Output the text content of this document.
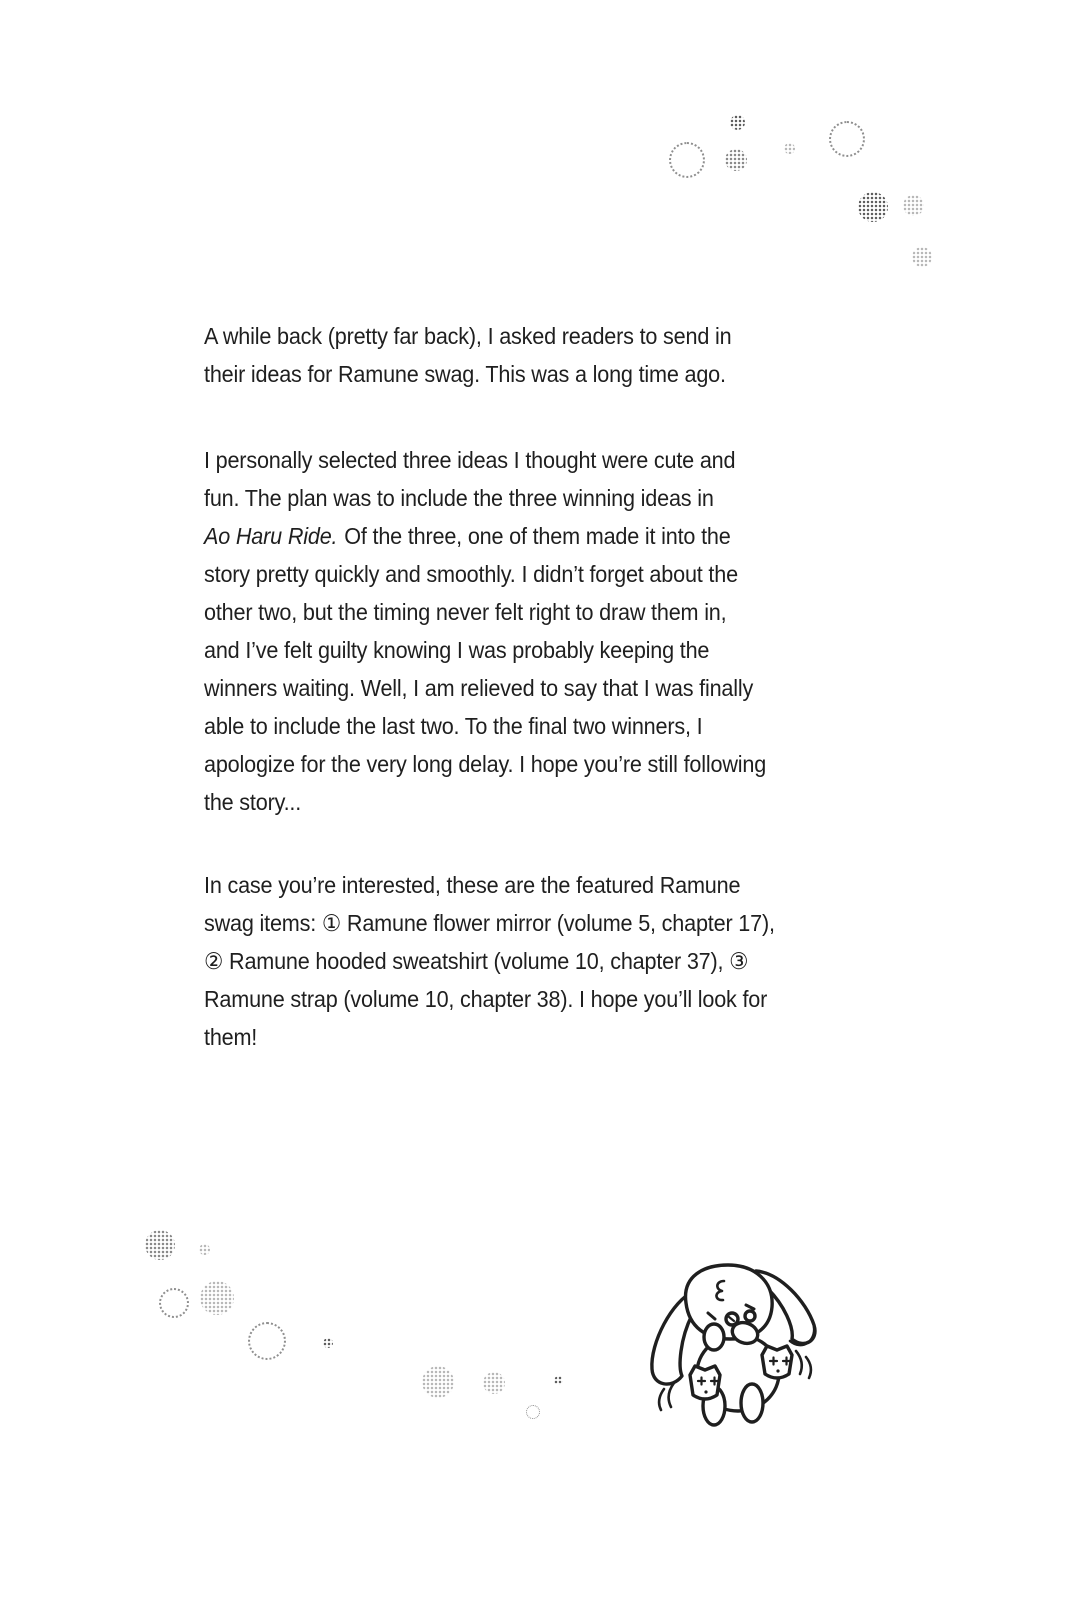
A while back (pretty far back), I asked readers to send in
their ideas for Ramune swag. This was a long time ago.

I personally selected three ideas I thought were cute and
fun. The plan was to include the three winning ideas in
Ao Haru Ride. Of the three, one of them made it into the
story pretty quickly and smoothly. I didn’t forget about the
other two, but the timing never felt right to draw them in,
and I’ve felt guilty knowing I was probably keeping the
winners waiting. Well, I am relieved to say that I was finally
able to include the last two. To the final two winners, I
apologize for the very long delay. I hope you’re still following
the story...

In case you’re interested, these are the featured Ramune
swag items: ① Ramune flower mirror (volume 5, chapter 17),
② Ramune hooded sweatshirt (volume 10, chapter 37), ③
Ramune strap (volume 10, chapter 38). I hope you’ll look for
them!
